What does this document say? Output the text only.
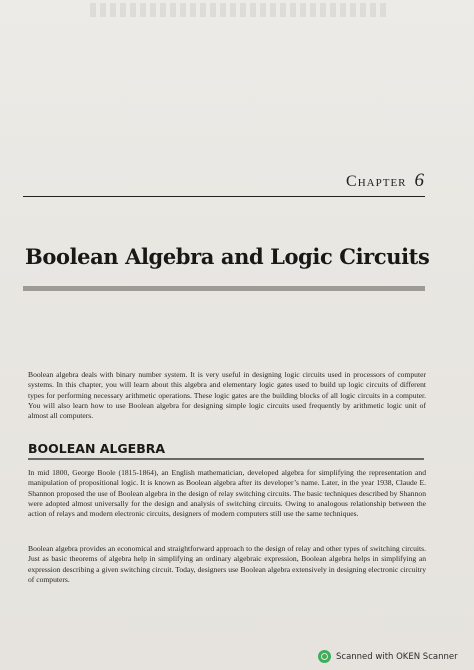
Chapter 6
Boolean Algebra and Logic Circuits

Boolean algebra deals with binary number system. It is very useful in designing logic circuits used in processors of computer systems. In this chapter, you will learn about this algebra and elementary logic gates used to build up logic circuits of different types for performing necessary arithmetic operations. These logic gates are the building blocks of all logic circuits in a computer. You will also learn how to use Boolean algebra for designing simple logic circuits used frequently by arithmetic logic unit of almost all computers.

BOOLEAN ALGEBRA

In mid 1800, George Boole (1815-1864), an English mathematician, developed algebra for simplifying the representation and manipulation of propositional logic. It is known as Boolean algebra after its developer’s name. Later, in the year 1938, Claude E. Shannon proposed the use of Boolean algebra in the design of relay switching circuits. The basic techniques described by Shannon were adopted almost universally for the design and analysis of switching circuits. Owing to analogous relationship between the action of relays and modern electronic circuits, designers of modern computers still use the same techniques.

Boolean algebra provides an economical and straightforward approach to the design of relay and other types of switching circuits. Just as basic theorems of algebra help in simplifying an ordinary algebraic expression, Boolean algebra helps in simplifying an expression describing a given switching circuit. Today, designers use Boolean algebra extensively in designing electronic circuitry of computers.

Scanned with OKEN Scanner
